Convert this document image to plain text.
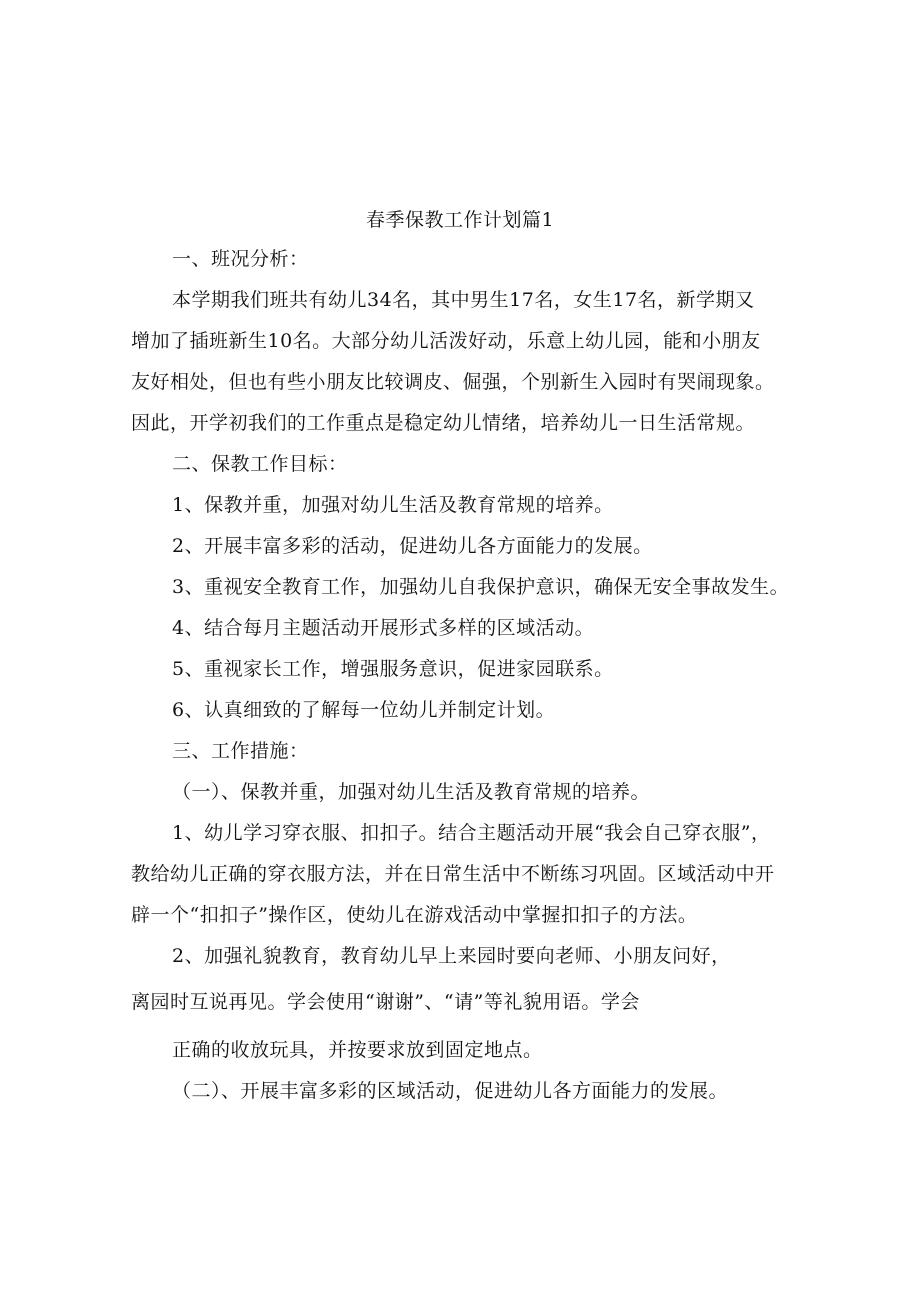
春季保教工作计划篇1
一、班况分析：
本学期我们班共有幼儿34名，其中男生17名，女生17名，新学期又
增加了插班新生10名。大部分幼儿活泼好动，乐意上幼儿园，能和小朋友
友好相处，但也有些小朋友比较调皮、倔强，个别新生入园时有哭闹现象。
因此，开学初我们的工作重点是稳定幼儿情绪，培养幼儿一日生活常规。
二、保教工作目标：
1、保教并重，加强对幼儿生活及教育常规的培养。
2、开展丰富多彩的活动，促进幼儿各方面能力的发展。
3、重视安全教育工作，加强幼儿自我保护意识，确保无安全事故发生。
4、结合每月主题活动开展形式多样的区域活动。
5、重视家长工作，增强服务意识，促进家园联系。
6、认真细致的了解每一位幼儿并制定计划。
三、工作措施：
（一）、保教并重，加强对幼儿生活及教育常规的培养。
1、幼儿学习穿衣服、扣扣子。结合主题活动开展“我会自己穿衣服”，
教给幼儿正确的穿衣服方法，并在日常生活中不断练习巩固。区域活动中开
辟一个“扣扣子”操作区，使幼儿在游戏活动中掌握扣扣子的方法。
2、加强礼貌教育，教育幼儿早上来园时要向老师、小朋友问好，
离园时互说再见。学会使用“谢谢”、“请”等礼貌用语。学会
正确的收放玩具，并按要求放到固定地点。
（二）、开展丰富多彩的区域活动，促进幼儿各方面能力的发展。
